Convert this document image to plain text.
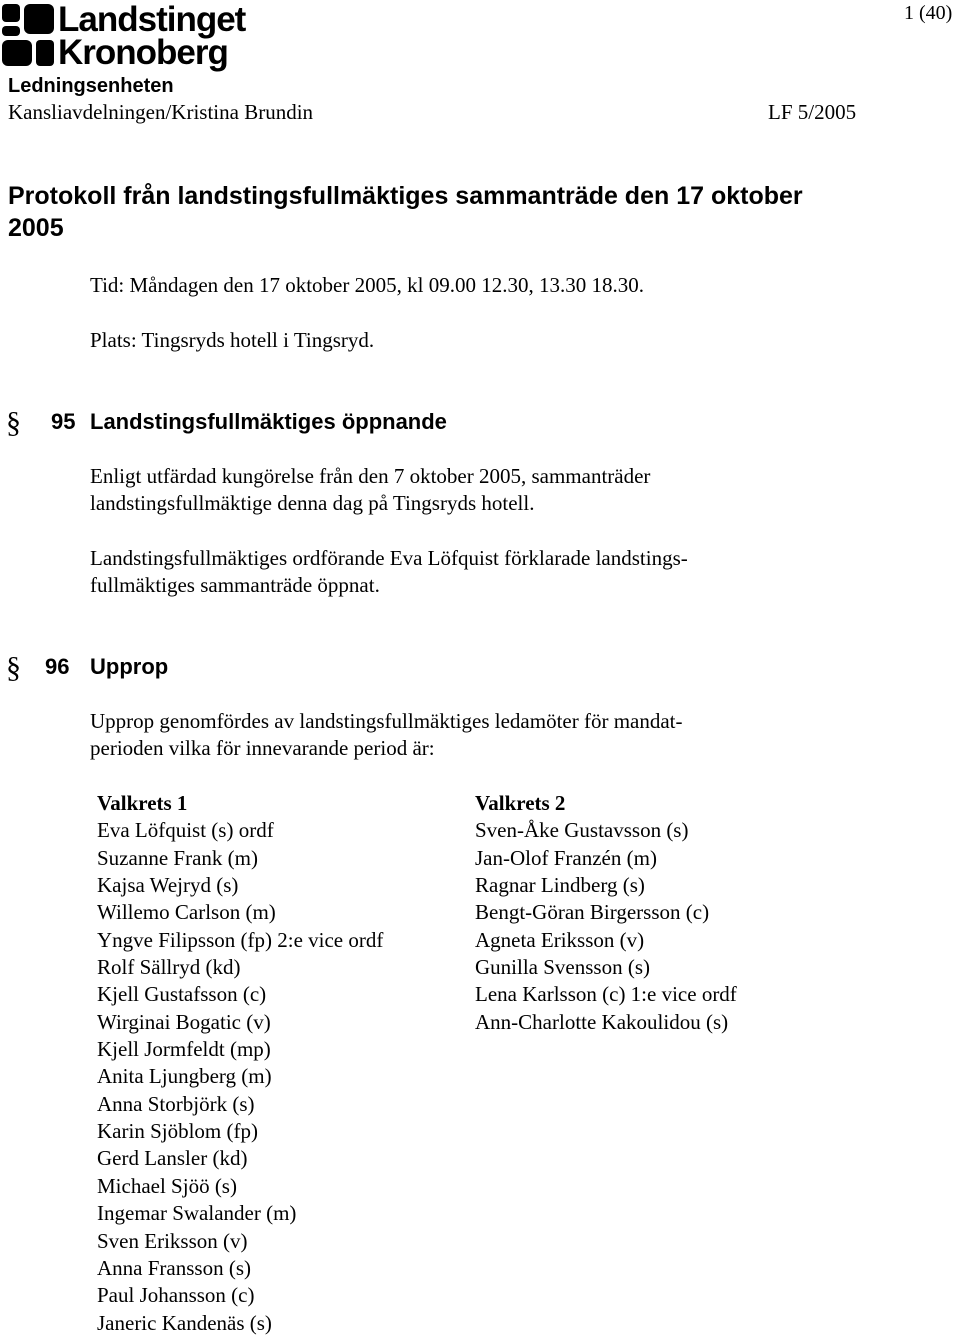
Landstinget
Kronoberg
1 (40)
Ledningsenheten
Kansliavdelningen/Kristina Brundin	LF 5/2005
Protokoll från landstingsfullmäktiges sammanträde den 17 oktober 2005
Tid: Måndagen den 17 oktober 2005, kl 09.00 12.30, 13.30 18.30.
Plats: Tingsryds hotell i Tingsryd.
§ 95 Landstingsfullmäktiges öppnande
Enligt utfärdad kungörelse från den 7 oktober 2005, sammanträder
landstingsfullmäktige denna dag på Tingsryds hotell.
Landstingsfullmäktiges ordförande Eva Löfquist förklarade landstings-
fullmäktiges sammanträde öppnat.
§ 96 Upprop
Upprop genomfördes av landstingsfullmäktiges ledamöter för mandat-
perioden vilka för innevarande period är:
Valkrets 1
Eva Löfquist (s) ordf
Suzanne Frank (m)
Kajsa Wejryd (s)
Willemo Carlson (m)
Yngve Filipsson (fp) 2:e vice ordf
Rolf Sällryd (kd)
Kjell Gustafsson (c)
Wirginai Bogatic (v)
Kjell Jormfeldt (mp)
Anita Ljungberg (m)
Anna Storbjörk (s)
Karin Sjöblom (fp)
Gerd Lansler (kd)
Michael Sjöö (s)
Ingemar Swalander (m)
Sven Eriksson (v)
Anna Fransson (s)
Paul Johansson (c)
Janeric Kandenäs (s)
Valkrets 2
Sven-Åke Gustavsson (s)
Jan-Olof Franzén (m)
Ragnar Lindberg (s)
Bengt-Göran Birgersson (c)
Agneta Eriksson (v)
Gunilla Svensson (s)
Lena Karlsson (c) 1:e vice ordf
Ann-Charlotte Kakoulidou (s)
